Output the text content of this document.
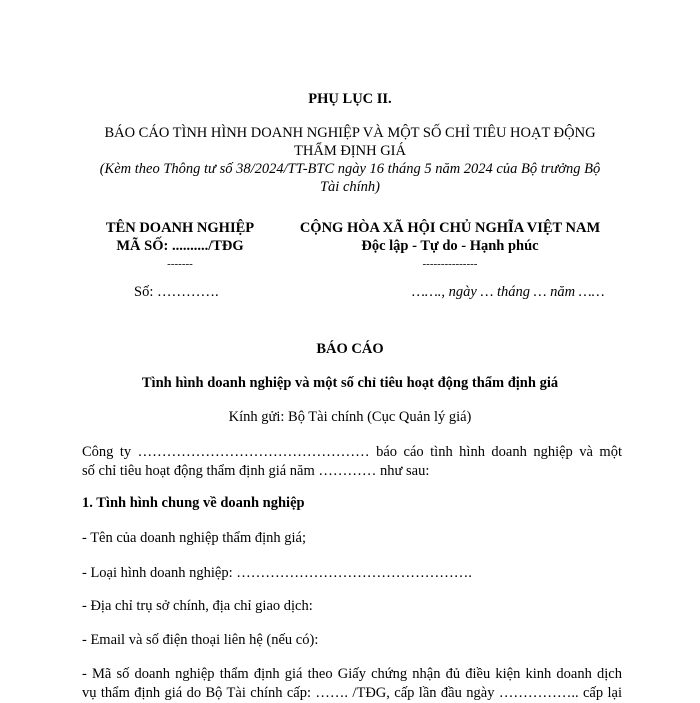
PHỤ LỤC II.
BÁO CÁO TÌNH HÌNH DOANH NGHIỆP VÀ MỘT SỐ CHỈ TIÊU HOẠT ĐỘNG
THẨM ĐỊNH GIÁ
(Kèm theo Thông tư số 38/2024/TT-BTC ngày 16 tháng 5 năm 2024 của Bộ trưởng Bộ
Tài chính)
TÊN DOANH NGHIỆP
MÃ SỐ: ........../TĐG
-------
Số: ………….
CỘNG HÒA XÃ HỘI CHỦ NGHĨA VIỆT NAM
Độc lập - Tự do - Hạnh phúc
---------------
……., ngày … tháng … năm ……
BÁO CÁO
Tình hình doanh nghiệp và một số chỉ tiêu hoạt động thẩm định giá
Kính gửi: Bộ Tài chính (Cục Quản lý giá)
Công ty ………………………………………… báo cáo tình hình doanh nghiệp và một
số chỉ tiêu hoạt động thẩm định giá năm ………… như sau:
1. Tình hình chung về doanh nghiệp
- Tên của doanh nghiệp thẩm định giá;
- Loại hình doanh nghiệp: ………………………………………….
- Địa chỉ trụ sở chính, địa chỉ giao dịch:
- Email và số điện thoại liên hệ (nếu có):
- Mã số doanh nghiệp thẩm định giá theo Giấy chứng nhận đủ điều kiện kinh doanh dịch
vụ thẩm định giá do Bộ Tài chính cấp: ……. /TĐG, cấp lần đầu ngày …………….. cấp lại
